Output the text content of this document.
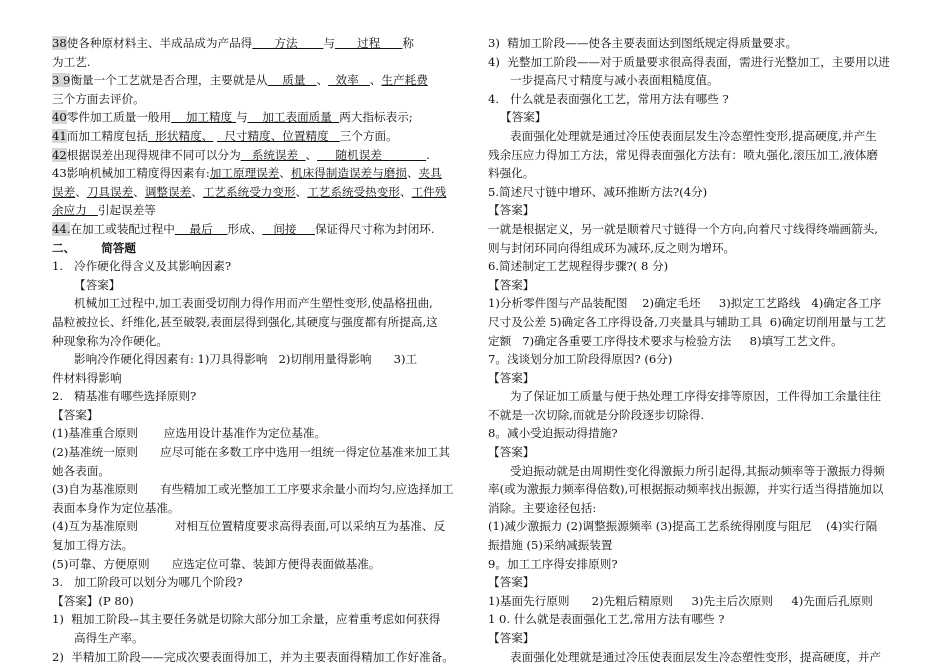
38使各种原材料主、半成品成为产品得      方法       与      过程      称
为工艺.
3 9衡量一个工艺就是否合理，主要就是从    质量   、  效率   、生产耗费
三个方面去评价。
40零件加工质量一般用    加工精度 与    加工表面质量  两大指标表示;
41而加工精度包括  形状精度、   尺寸精度、位置精度   三个方面。
42根据误差出现得规律不同可以分为   系统误差  、     随机误差            .
43影响机械加工精度得因素有:加工原理误差、机床得制造误差与磨损、夹具
误差、刀具误差、调整误差、工艺系统受力变形、工艺系统受热变形、工件残
余应力   引起误差等
44.在加工或装配过程中    最后    形成、   间接     保证得尺寸称为封闭环.
二、 简答题
1.   冷作硬化得含义及其影响因素?
【答案】
机械加工过程中,加工表面受切削力得作用而产生塑性变形,使晶格扭曲,
晶粒被拉长、纤维化,甚至破裂,表面层得到强化,其硬度与强度都有所提高,这
种现象称为冷作硬化。
影响冷作硬化得因素有: 1)刀具得影响   2)切削用量得影响      3)工
件材料得影响
2.   精基准有哪些选择原则?
【答案】
(1)基准重合原则       应选用设计基准作为定位基准。
(2)基准统一原则      应尽可能在多数工序中选用一组统一得定位基准来加工其
她各表面。
(3)自为基准原则      有些精加工或光整加工工序要求余量小而均匀,应选择加工
表面本身作为定位基准。
(4)互为基准原则          对相互位置精度要求高得表面,可以采纳互为基准、反
复加工得方法。
(5)可靠、方便原则      应选定位可靠、装卸方便得表面做基准。
3.   加工阶段可以划分为哪几个阶段?
【答案】(P 80)
1)  粗加工阶段-–其主要任务就是切除大部分加工余量，应着重考虑如何获得
高得生产率。
2)  半精加工阶段——完成次要表面得加工，并为主要表面得精加工作好准备。
3)  精加工阶段——使各主要表面达到图纸规定得质量要求。
4)  光整加工阶段——对于质量要求很高得表面，需进行光整加工，主要用以进
一步提高尺寸精度与减小表面粗糙度值。
4.   什么就是表面强化工艺，常用方法有哪些 ?
【答案】
表面强化处理就是通过冷压使表面层发生冷态塑性变形,提高硬度,并产生
残余压应力得加工方法，常见得表面强化方法有：喷丸强化,滚压加工,液体磨
料强化。
5.简述尺寸链中增环、减环推断方法?(4分)
【答案】
一就是根据定义，另一就是顺着尺寸链得一个方向,向着尺寸线得终端画箭头,
则与封闭环同向得组成环为减环,反之则为增环。
6.简述制定工艺规程得步骤?( 8 分)
【答案】
1)分析零件图与产品装配图    2)确定毛坯     3)拟定工艺路线   4)确定各工序
尺寸及公差 5)确定各工序得设备,刀夹量具与辅助工具  6)确定切削用量与工艺
定额   7)确定各重要工序得技术要求与检验方法     8)填写工艺文件。
7。浅谈划分加工阶段得原因? (6分)
【答案】
为了保证加工质量与便于热处理工序得安排等原因，工件得加工余量往往
不就是一次切除,而就是分阶段逐步切除得.
8。减小受迫振动得措施?
【答案】
受迫振动就是由周期性变化得激振力所引起得,其振动频率等于激振力得频
率(或为激振力频率得倍数),可根据振动频率找出振源，并实行适当得措施加以
消除。主要途径包括:
(1)减少激振力 (2)调整振源频率 (3)提高工艺系统得刚度与阻尼    (4)实行隔
振措施 (5)采纳减振装置
9。加工工序得安排原则?
【答案】
1)基面先行原则      2)先粗后精原则     3)先主后次原则     4)先面后孔原则
1 0. 什么就是表面强化工艺,常用方法有哪些 ?
【答案】
表面强化处理就是通过冷压使表面层发生冷态塑性变形，提高硬度，并产
